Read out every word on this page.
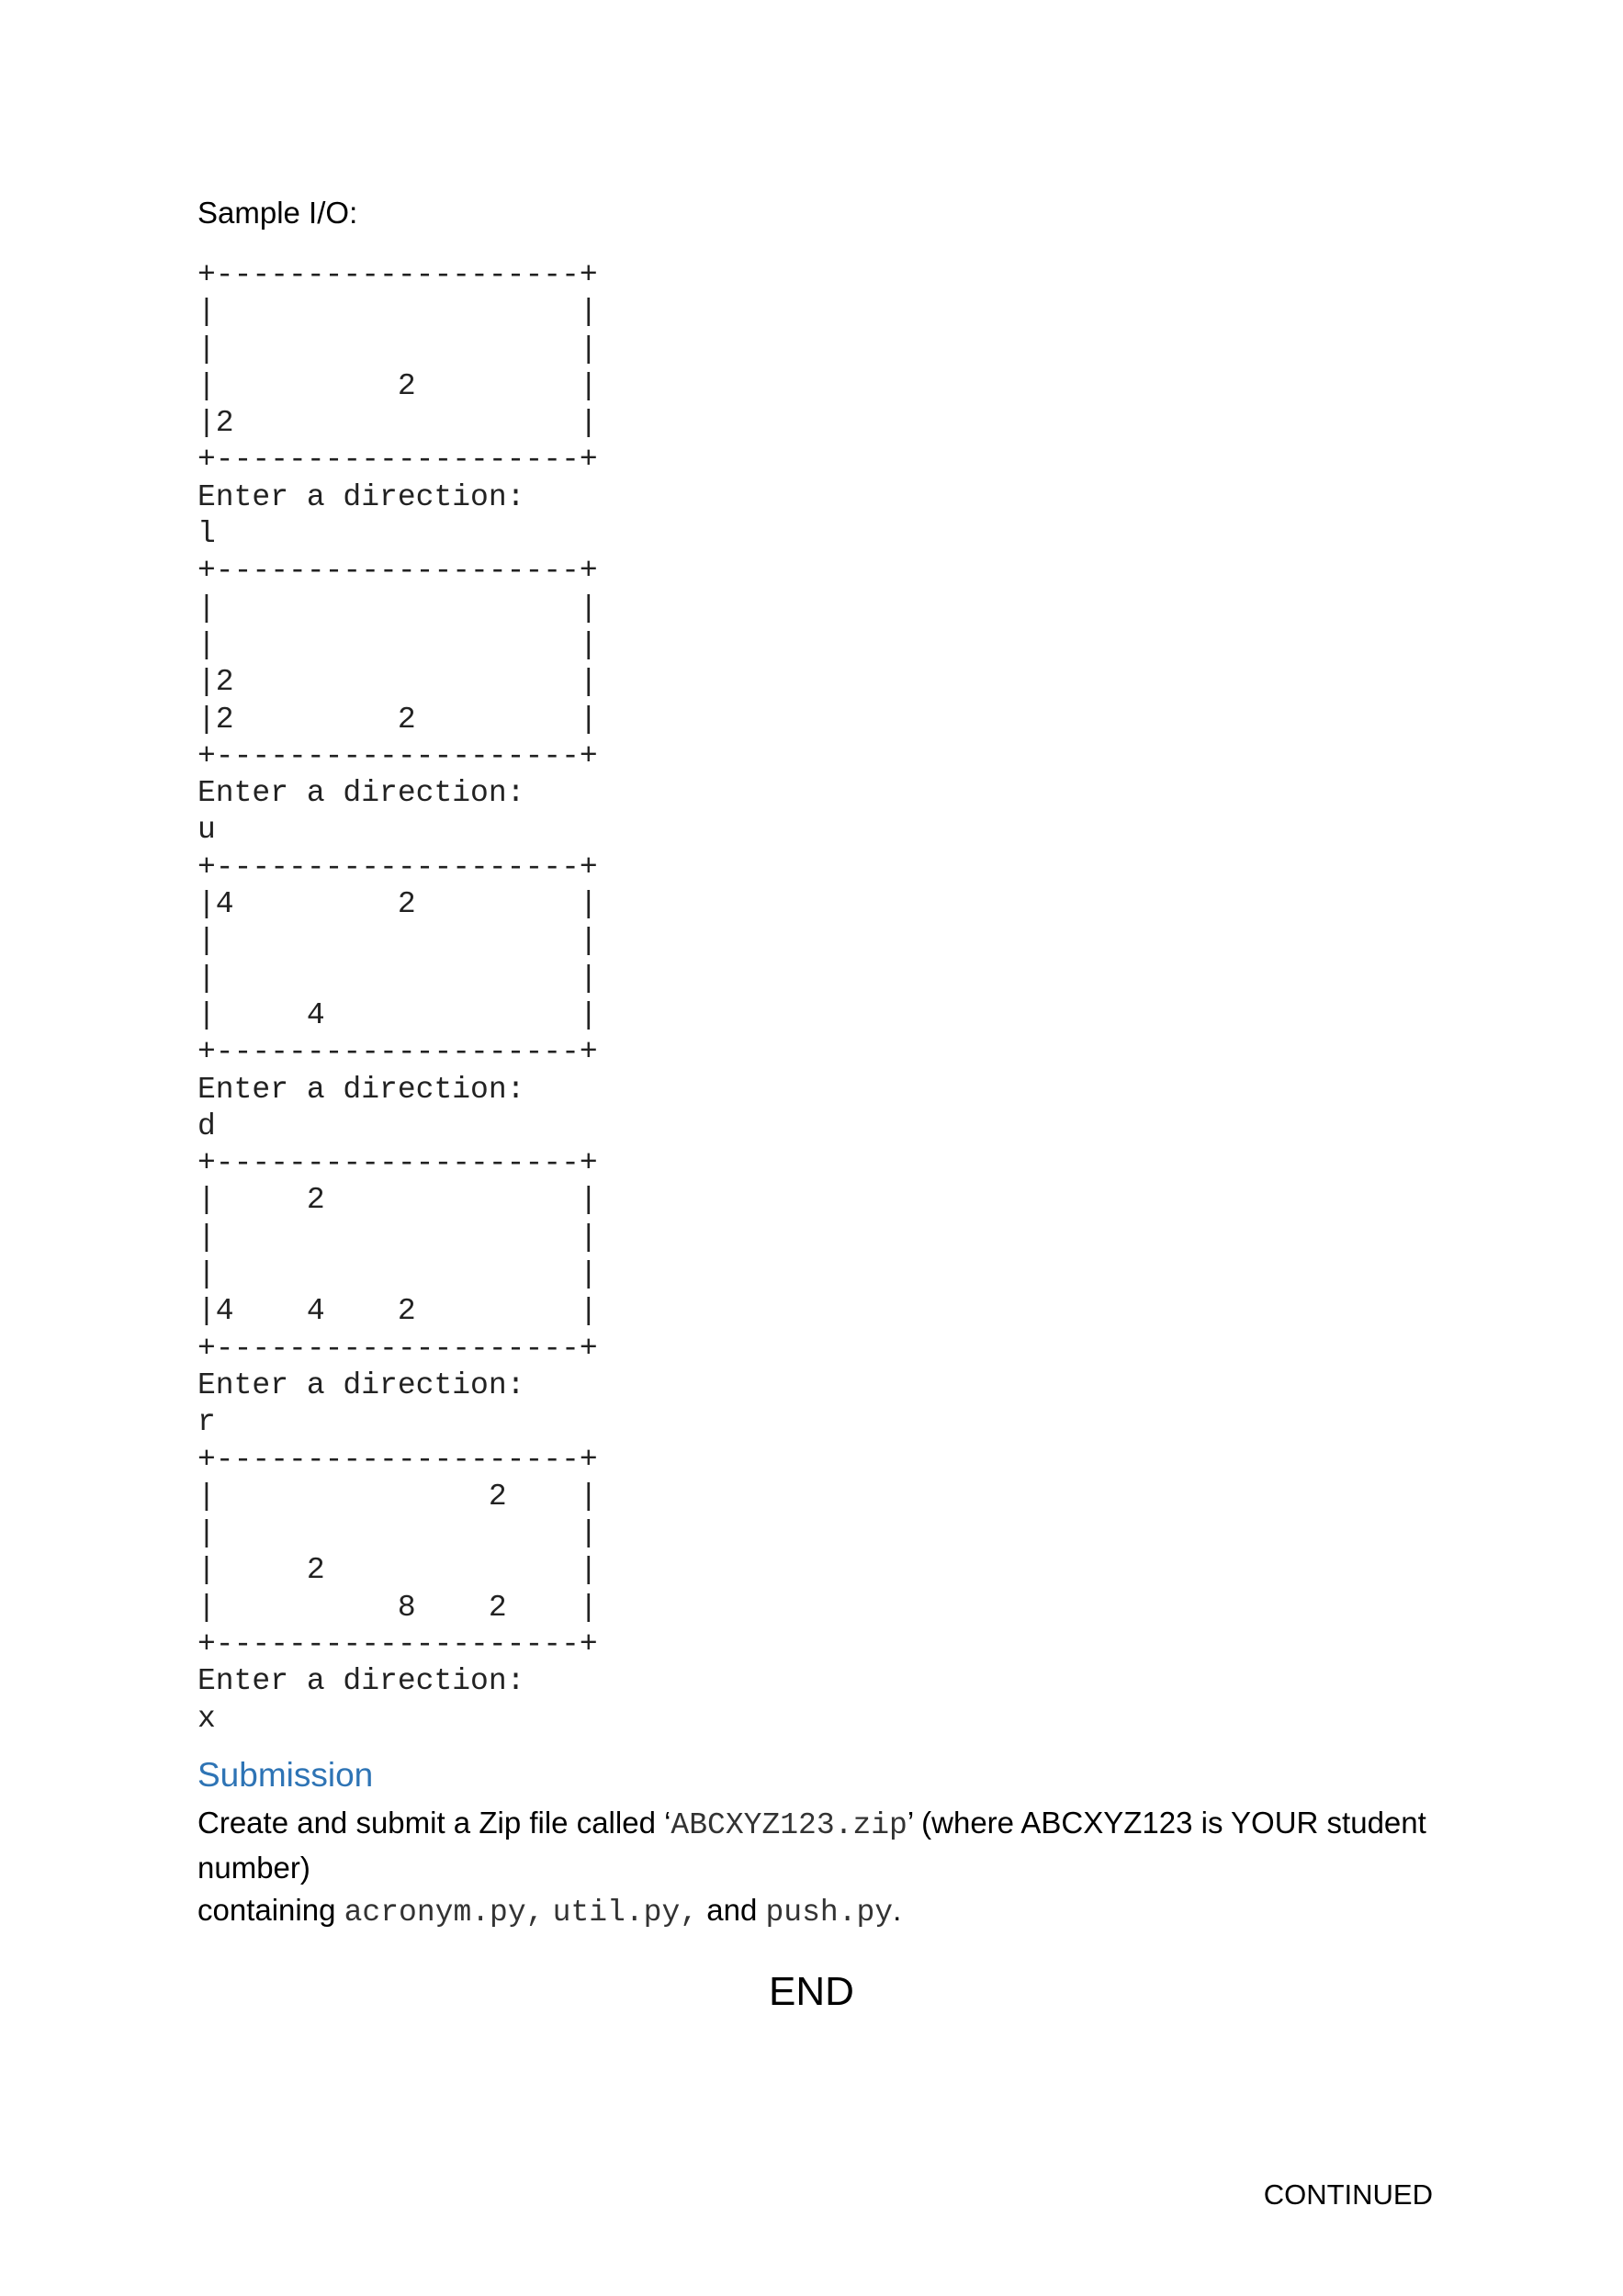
Sample I/O:
+--------------------+
|                    |
|                    |
|          2         |
|2                   |
+--------------------+
Enter a direction:
l
+--------------------+
|                    |
|                    |
|2                   |
|2         2         |
+--------------------+
Enter a direction:
u
+--------------------+
|4         2         |
|                    |
|                    |
|     4              |
+--------------------+
Enter a direction:
d
+--------------------+
|     2              |
|                    |
|                    |
|4    4    2         |
+--------------------+
Enter a direction:
r
+--------------------+
|               2    |
|                    |
|     2              |
|          8    2    |
+--------------------+
Enter a direction:
x
Submission
Create and submit a Zip file called ‘ABCXYZ123.zip’ (where ABCXYZ123 is YOUR student number)
containing acronym.py, util.py, and push.py.
END
CONTINUED
